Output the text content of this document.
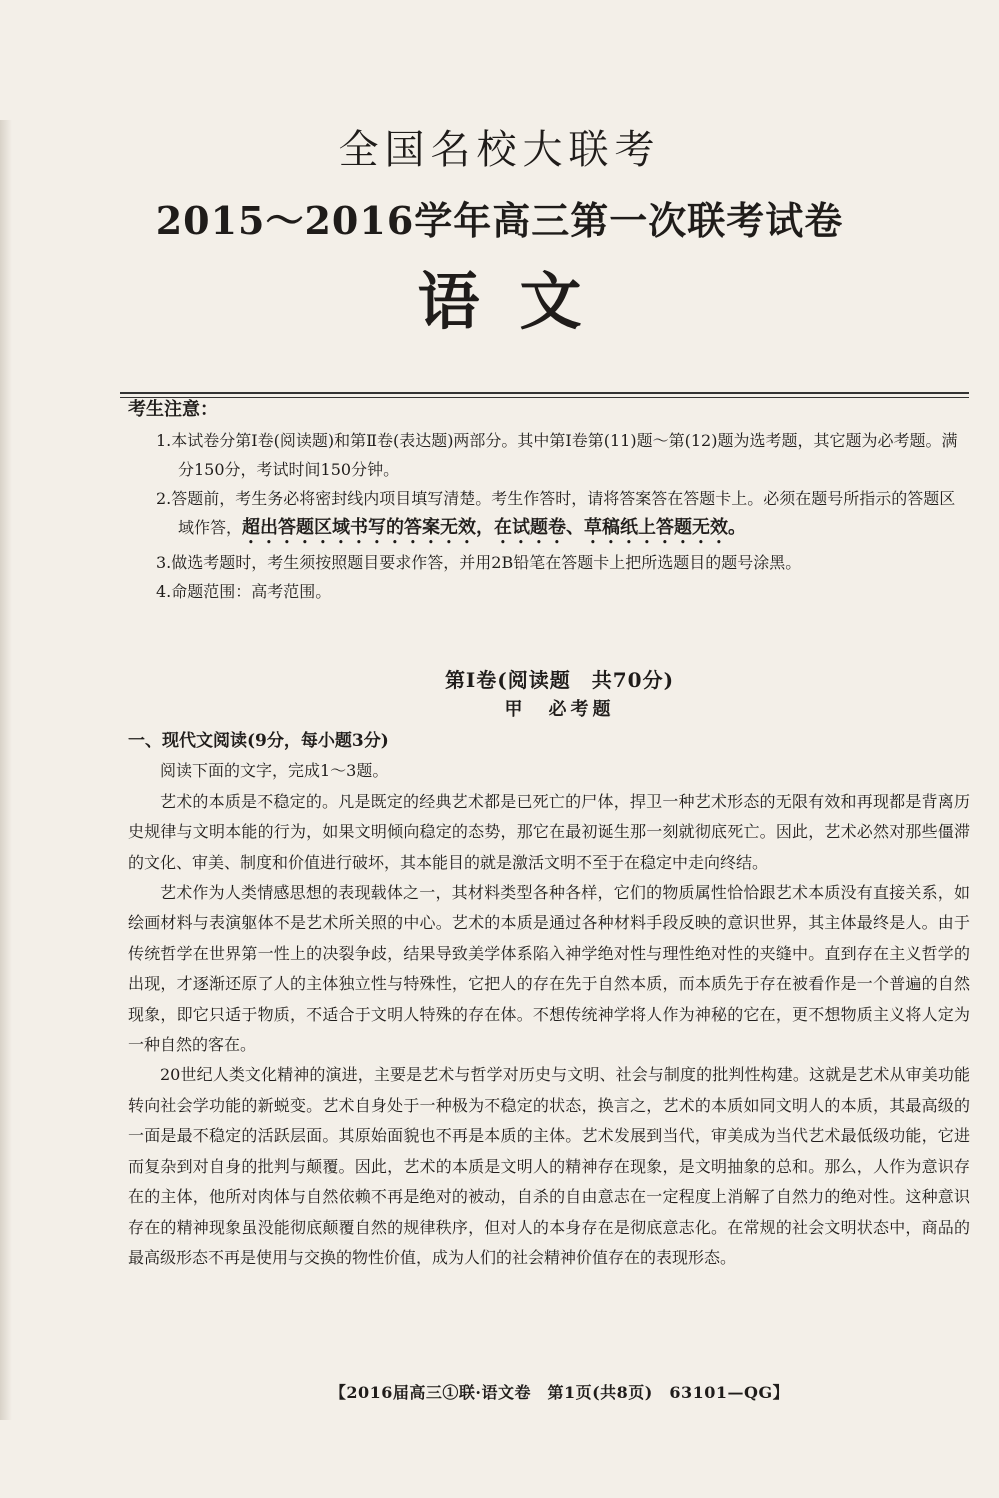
全国名校大联考
2015～2016学年高三第一次联考试卷
语文
考生注意：

1.本试卷分第Ⅰ卷(阅读题)和第Ⅱ卷(表达题)两部分。其中第Ⅰ卷第(11)题～第(12)题为选考题，其它题为必考题。满分150分，考试时间150分钟。

2.答题前，考生务必将密封线内项目填写清楚。考生作答时，请将答案答在答题卡上。必须在题号所指示的答题区域作答，超出答题区域书写的答案无效，在试题卷、草稿纸上答题无效。

3.做选考题时，考生须按照题目要求作答，并用2B铅笔在答题卡上把所选题目的题号涂黑。

4.命题范围：高考范围。

第Ⅰ卷(阅读题　共70分)
甲　必考题

一、现代文阅读(9分，每小题3分)

阅读下面的文字，完成1～3题。

艺术的本质是不稳定的。凡是既定的经典艺术都是已死亡的尸体，捍卫一种艺术形态的无限有效和再现都是背离历史规律与文明本能的行为，如果文明倾向稳定的态势，那它在最初诞生那一刻就彻底死亡。因此，艺术必然对那些僵滞的文化、审美、制度和价值进行破坏，其本能目的就是激活文明不至于在稳定中走向终结。

艺术作为人类情感思想的表现载体之一，其材料类型各种各样，它们的物质属性恰恰跟艺术本质没有直接关系，如绘画材料与表演躯体不是艺术所关照的中心。艺术的本质是通过各种材料手段反映的意识世界，其主体最终是人。由于传统哲学在世界第一性上的决裂争歧，结果导致美学体系陷入神学绝对性与理性绝对性的夹缝中。直到存在主义哲学的出现，才逐渐还原了人的主体独立性与特殊性，它把人的存在先于自然本质，而本质先于存在被看作是一个普遍的自然现象，即它只适于物质，不适合于文明人特殊的存在体。不想传统神学将人作为神秘的它在，更不想物质主义将人定为一种自然的客在。

20世纪人类文化精神的演进，主要是艺术与哲学对历史与文明、社会与制度的批判性构建。这就是艺术从审美功能转向社会学功能的新蜕变。艺术自身处于一种极为不稳定的状态，换言之，艺术的本质如同文明人的本质，其最高级的一面是最不稳定的活跃层面。其原始面貌也不再是本质的主体。艺术发展到当代，审美成为当代艺术最低级功能，它进而复杂到对自身的批判与颠覆。因此，艺术的本质是文明人的精神存在现象，是文明抽象的总和。那么，人作为意识存在的主体，他所对肉体与自然依赖不再是绝对的被动，自杀的自由意志在一定程度上消解了自然力的绝对性。这种意识存在的精神现象虽没能彻底颠覆自然的规律秩序，但对人的本身存在是彻底意志化。在常规的社会文明状态中，商品的最高级形态不再是使用与交换的物性价值，成为人们的社会精神价值存在的表现形态。

【2016届高三①联·语文卷　第1页(共8页)　63101—QG】
